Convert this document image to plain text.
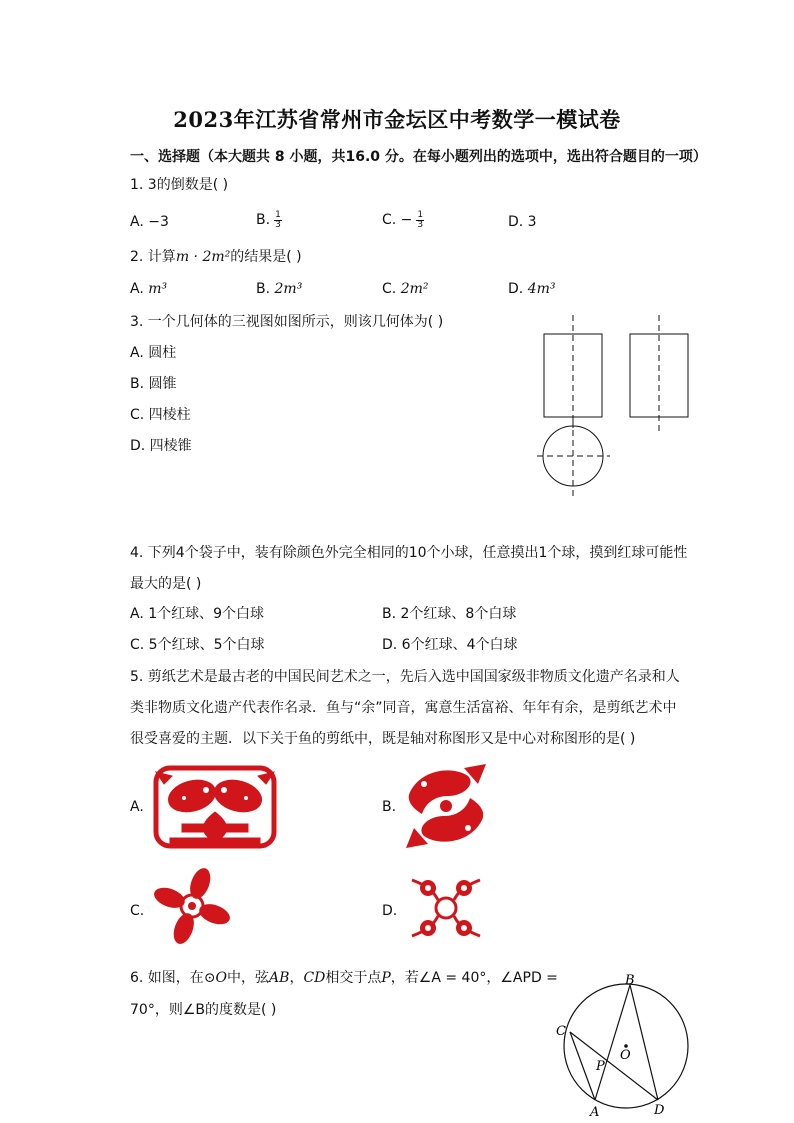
2023年江苏省常州市金坛区中考数学一模试卷
一、选择题（本大题共 8 小题，共16.0 分。在每小题列出的选项中，选出符合题目的一项）
1. 3的倒数是( )
A. −3	B. $\frac{1}{3}$	C. − $\frac{1}{3}$	D. 3
2. 计算m · 2m²的结果是( )
A. m³	B. 2m³	C. 2m²	D. 4m³
3. 一个几何体的三视图如图所示，则该几何体为( )
A. 圆柱
B. 圆锥
C. 四棱柱
D. 四棱锥
4. 下列4个袋子中，装有除颜色外完全相同的10个小球，任意摸出1个球，摸到红球可能性
最大的是( )
A. 1个红球、9个白球	B. 2个红球、8个白球
C. 5个红球、5个白球	D. 6个红球、4个白球
5. 剪纸艺术是最古老的中国民间艺术之一，先后入选中国国家级非物质文化遗产名录和人
类非物质文化遗产代表作名录．鱼与“余”同音，寓意生活富裕、年年有余，是剪纸艺术中
很受喜爱的主题．以下关于鱼的剪纸中，既是轴对称图形又是中心对称图形的是( )
A.	B.
C.	D.
6. 如图，在⊙O中，弦AB，CD相交于点P，若∠A = 40°，∠APD =
70°，则∠B的度数是( )
B
C
O
P
A	D
